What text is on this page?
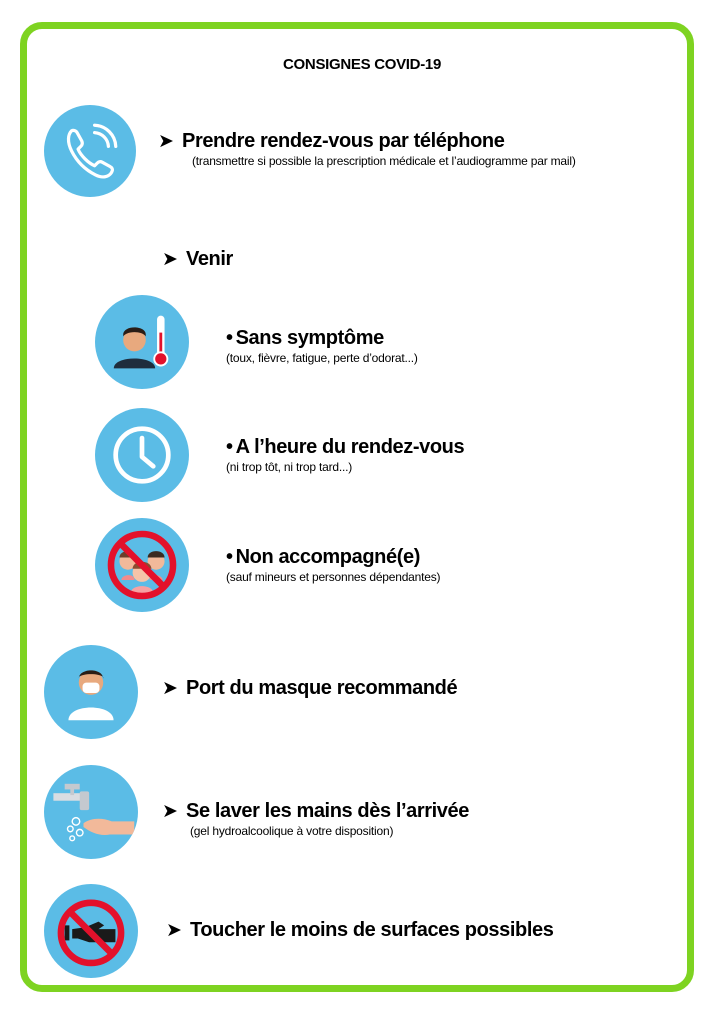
CONSIGNES COVID-19
➤ Prendre rendez-vous par téléphone
(transmettre si possible la prescription médicale et l’audiogramme par mail)
➤ Venir
• Sans symptôme
(toux, fièvre, fatigue, perte d’odorat...)
• A l’heure du rendez-vous
(ni trop tôt, ni trop tard...)
• Non accompagné(e)
(sauf mineurs et personnes dépendantes)
➤ Port du masque recommandé
➤ Se laver les mains dès l’arrivée
(gel hydroalcoolique à votre disposition)
➤ Toucher le moins de surfaces possibles
